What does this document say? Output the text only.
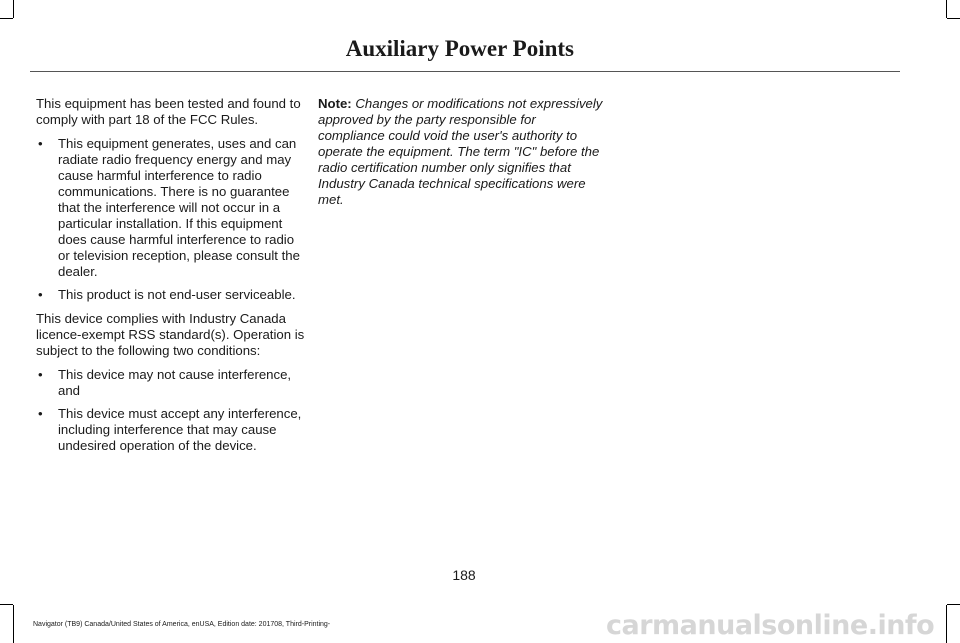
Auxiliary Power Points

This equipment has been tested and found to comply with part 18 of the FCC Rules.

• This equipment generates, uses and can radiate radio frequency energy and may cause harmful interference to radio communications. There is no guarantee that the interference will not occur in a particular installation. If this equipment does cause harmful interference to radio or television reception, please consult the dealer.
• This product is not end-user serviceable.

This device complies with Industry Canada licence-exempt RSS standard(s). Operation is subject to the following two conditions:

• This device may not cause interference, and
• This device must accept any interference, including interference that may cause undesired operation of the device.

Note: Changes or modifications not expressively approved by the party responsible for compliance could void the user's authority to operate the equipment. The term "IC" before the radio certification number only signifies that Industry Canada technical specifications were met.

188
Navigator (TB9) Canada/United States of America, enUSA, Edition date: 201708, Third-Printing-	carmanualsonline.info
